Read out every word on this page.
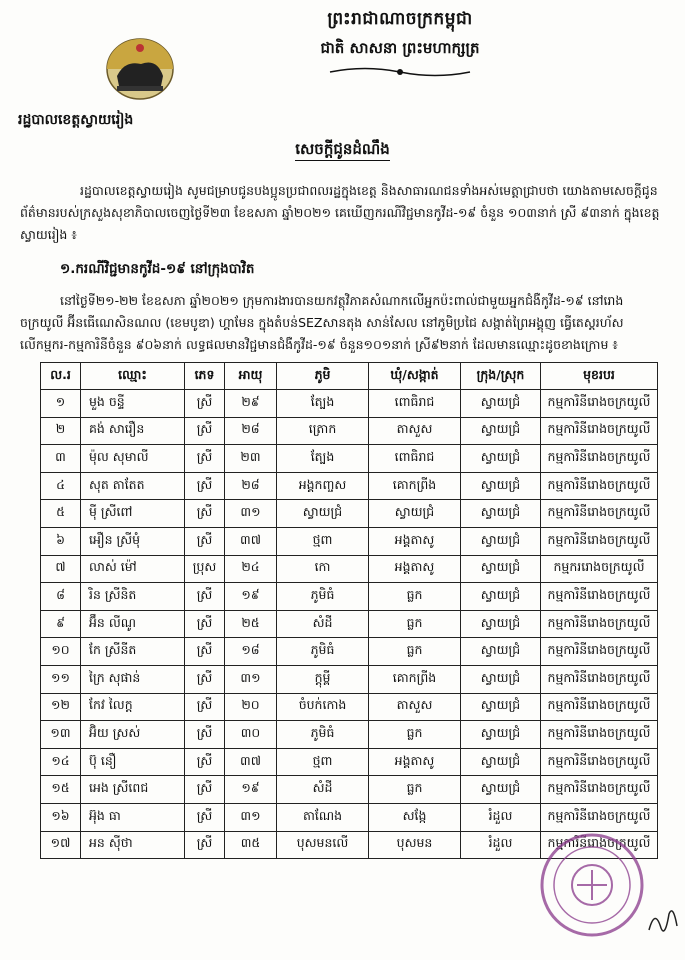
ព្រះរាជាណាចក្រកម្ពុជា
ជាតិ សាសនា ព្រះមហាក្សត្រ
រដ្ឋបាលខេត្តស្វាយរៀង
សេចក្ដីជូនដំណឹង
រដ្ឋបាលខេត្តស្វាយរៀង សូមជម្រាបជូនបងប្អូនប្រជាពលរដ្ឋក្នុងខេត្ត និងសាធារណជនទាំងអស់មេត្តាជ្រាបថា យោងតាមសេចក្ដីជូនព័ត៌មានរបស់ក្រសួងសុខាភិបាលចេញថ្ងៃទី២៣ ខែឧសភា ឆ្នាំ២០២១ គេឃើញករណីវិជ្ជមានកូវីដ-១៩ ចំនួន ១០៣នាក់ ស្រី ៩៣នាក់ ក្នុងខេត្តស្វាយរៀង ៖
១.ករណីវិជ្ជមានកូវីដ-១៩ នៅក្រុងបាវិត
នៅថ្ងៃទី២១-២២ ខែឧសភា ឆ្នាំ២០២១ ក្រុមការងារបានយកវត្ថុវិភាគសំណាកលើអ្នកប៉ះពាល់ជាមួយអ្នកជំងឺកូវីដ-១៩ នៅរោងចក្រយូលី អ៊ីនធើណេសិនណល (ខេមបូឌា) ហ្គាមែន ក្នុងតំបន់SEZសានតុង សាន់សែល នៅភូមិប្រជៃ សង្កាត់ព្រៃអង្គុញ ធ្វើតេស្តរហ័សលើកម្មករ-កម្មការិនីចំនួន ៩០៦នាក់ លទ្ធផលមានវិជ្ជមានជំងឺកូវីដ-១៩ ចំនួន១០១នាក់ ស្រី៩២នាក់ ដែលមានឈ្មោះដូចខាងក្រោម ៖
ល.រ	ឈ្មោះ	ភេទ	អាយុ	ភូមិ	ឃុំ/សង្កាត់	ក្រុង/ស្រុក	មុខរបរ
១	មួង ចន្ទី	ស្រី	២៩	ត្បែង	ពោធិរាជ	ស្វាយជ្រំ	កម្មការិនីរោងចក្រយូលី
២	គង់ សារឿន	ស្រី	២៨	ត្រោក	តាសួស	ស្វាយជ្រំ	កម្មការិនីរោងចក្រយូលី
៣	ម៉ុល សុមាលី	ស្រី	២៣	ត្បែង	ពោធិរាជ	ស្វាយជ្រំ	កម្មការិនីរោងចក្រយូលី
៤	សុត តាតែត	ស្រី	២៨	អង្គកញ្ចស	គោកព្រីង	ស្វាយជ្រំ	កម្មការិនីរោងចក្រយូលី
៥	ម៉ី ស្រីពៅ	ស្រី	៣១	ស្វាយជ្រំ	ស្វាយជ្រំ	ស្វាយជ្រំ	កម្មការិនីរោងចក្រយូលី
៦	អឿន ស្រីមុំ	ស្រី	៣៧	ថ្មពា	អង្គតាសូ	ស្វាយជ្រំ	កម្មការិនីរោងចក្រយូលី
៧	លាស់ ម៉ៅ	ប្រុស	២៤	កោ	អង្គតាសូ	ស្វាយជ្រំ	កម្មកររោងចក្រយូលី
៨	រិន ស្រីនិត	ស្រី	១៩	ភូមិធំ	ធ្លក	ស្វាយជ្រំ	កម្មការិនីរោងចក្រយូលី
៩	អ៊ឹន លីណូ	ស្រី	២៥	សំដី	ធ្លក	ស្វាយជ្រំ	កម្មការិនីរោងចក្រយូលី
១០	កែ ស្រីនីត	ស្រី	១៨	ភូមិធំ	ធ្លក	ស្វាយជ្រំ	កម្មការិនីរោងចក្រយូលី
១១	ក្រៃ សុផាន់	ស្រី	៣១	ក្ដុម្ពី	គោកព្រីង	ស្វាយជ្រំ	កម្មការិនីរោងចក្រយូលី
១២	កែវ លៃក្ដ	ស្រី	២០	ចំបក់កោង	តាសួស	ស្វាយជ្រំ	កម្មការិនីរោងចក្រយូលី
១៣	អ៊ិយ ស្រស់	ស្រី	៣០	ភូមិធំ	ធ្លក	ស្វាយជ្រំ	កម្មការិនីរោងចក្រយូលី
១៤	ប៊ុ នឿ	ស្រី	៣៧	ថ្មពា	អង្គតាសូ	ស្វាយជ្រំ	កម្មការិនីរោងចក្រយូលី
១៥	អេង ស្រីពេជ	ស្រី	១៩	សំដី	ធ្លក	ស្វាយជ្រំ	កម្មការិនីរោងចក្រយូលី
១៦	អ៊ុង ធា	ស្រី	៣១	តាណែង	សង្កែ	រំដួល	កម្មការិនីរោងចក្រយូលី
១៧	អន ស៊ីថា	ស្រី	៣៥	បុសមនលើ	បុសមន	រំដួល	កម្មការិនីរោងចក្រយូលី
